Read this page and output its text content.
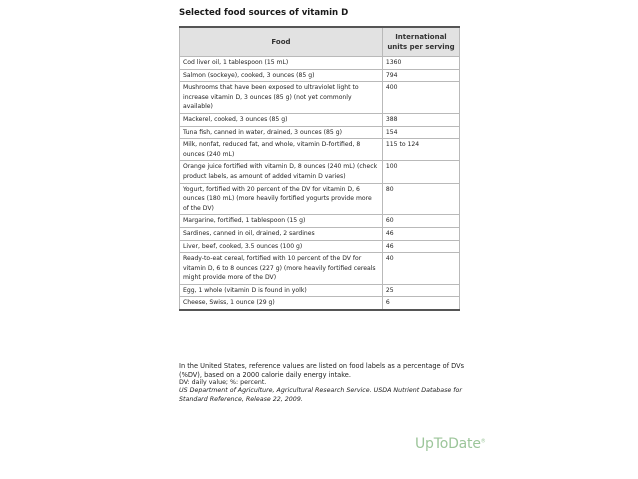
Selected food sources of vitamin D
Food	International
units per serving
Cod liver oil, 1 tablespoon (15 mL)	1360
Salmon (sockeye), cooked, 3 ounces (85 g)	794
Mushrooms that have been exposed to ultraviolet light to increase vitamin D, 3 ounces (85 g) (not yet commonly available)	400
Mackerel, cooked, 3 ounces (85 g)	388
Tuna fish, canned in water, drained, 3 ounces (85 g)	154
Milk, nonfat, reduced fat, and whole, vitamin D-fortified, 8 ounces (240 mL)	115 to 124
Orange juice fortified with vitamin D, 8 ounces (240 mL) (check product labels, as amount of added vitamin D varies)	100
Yogurt, fortified with 20 percent of the DV for vitamin D, 6 ounces (180 mL) (more heavily fortified yogurts provide more of the DV)	80
Margarine, fortified, 1 tablespoon (15 g)	60
Sardines, canned in oil, drained, 2 sardines	46
Liver, beef, cooked, 3.5 ounces (100 g)	46
Ready-to-eat cereal, fortified with 10 percent of the DV for vitamin D, 6 to 8 ounces (227 g) (more heavily fortified cereals might provide more of the DV)	40
Egg, 1 whole (vitamin D is found in yolk)	25
Cheese, Swiss, 1 ounce (29 g)	6
In the United States, reference values are listed on food labels as a percentage of DVs (%DV), based on a 2000 calorie daily energy intake.
DV: daily value; %: percent.
US Department of Agriculture, Agricultural Research Service. USDA Nutrient Database for Standard Reference, Release 22, 2009.
UpToDate®
